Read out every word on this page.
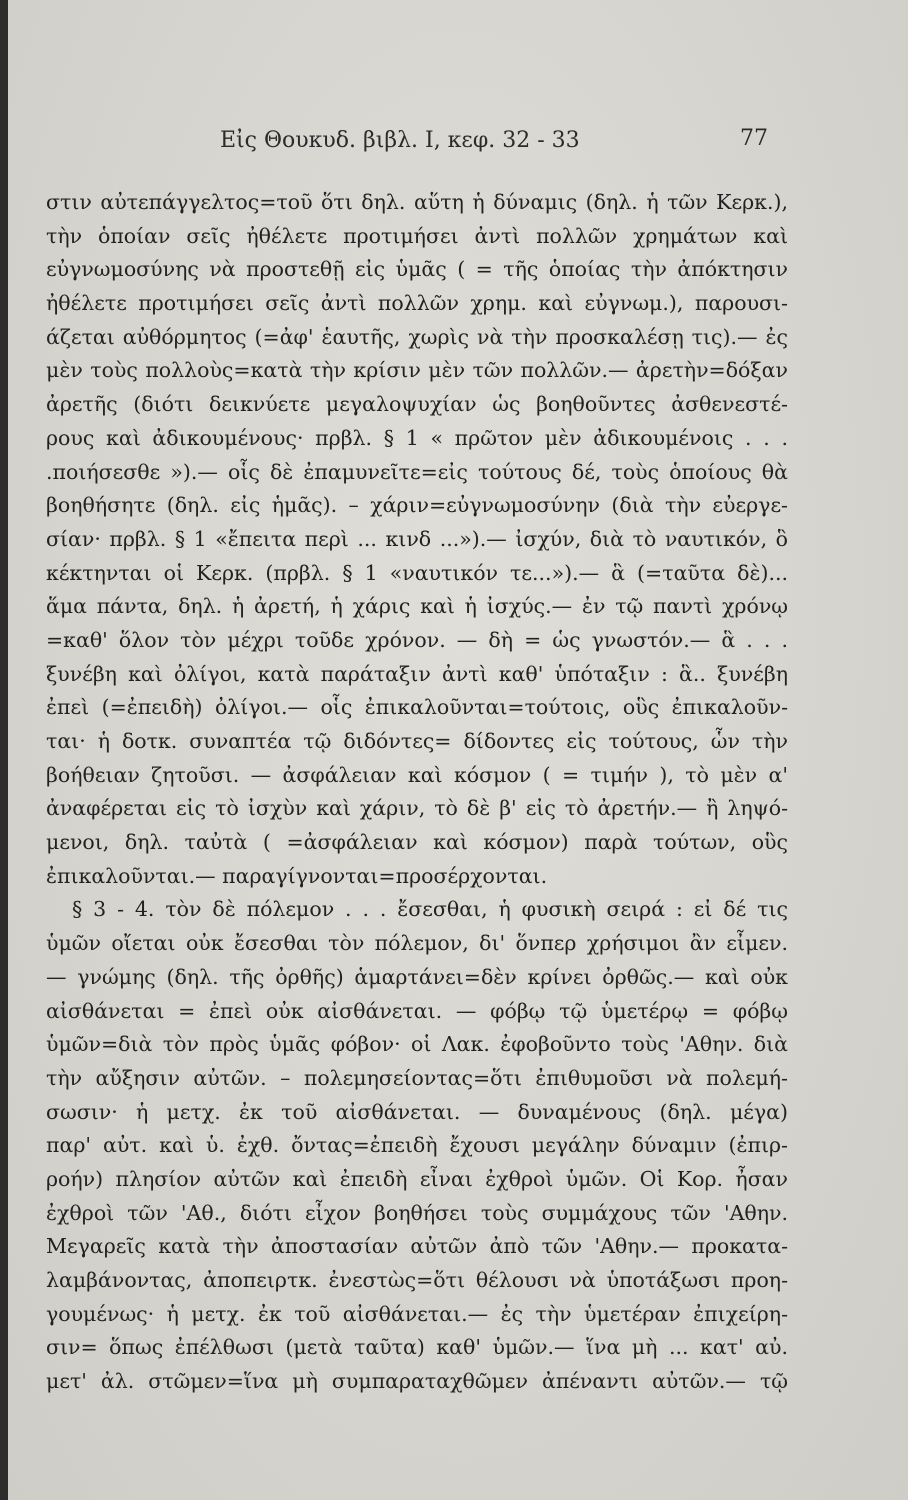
Εἰς Θουκυδ. βιβλ. Ι, κεφ. 32 - 33	77
στιν αὐτεπάγγελτος=τοῦ ὅτι δηλ. αὕτη ἡ δύναμις (δηλ. ἡ τῶν Κερκ.),
τὴν ὁποίαν σεῖς ἠθέλετε προτιμήσει ἀντὶ πολλῶν χρημάτων καὶ
εὐγνωμοσύνης νὰ προστεθῇ εἰς ὑμᾶς ( = τῆς ὁποίας τὴν ἀπόκτησιν
ἠθέλετε προτιμήσει σεῖς ἀντὶ πολλῶν χρημ. καὶ εὐγνωμ.), παρουσι-
άζεται αὐθόρμητος (=ἀφ' ἑαυτῆς, χωρὶς νὰ τὴν προσκαλέσῃ τις).— ἐς
μὲν τοὺς πολλοὺς=κατὰ τὴν κρίσιν μὲν τῶν πολλῶν.— ἀρετὴν=δόξαν
ἀρετῆς (διότι δεικνύετε μεγαλοψυχίαν ὡς βοηθοῦντες ἀσθενεστέ-
ρους καὶ ἀδικουμένους· πρβλ. § 1 « πρῶτον μὲν ἀδικουμένοις . . .
.ποιήσεσθε »).— οἷς δὲ ἐπαμυνεῖτε=εἰς τούτους δέ, τοὺς ὁποίους θὰ
βοηθήσητε (δηλ. εἰς ἡμᾶς). – χάριν=εὐγνωμοσύνην (διὰ τὴν εὐεργε-
σίαν· πρβλ. § 1 «ἔπειτα περὶ ... κινδ ...»).— ἰσχύν, διὰ τὸ ναυτικόν, ὃ
κέκτηνται οἱ Κερκ. (πρβλ. § 1 «ναυτικόν τε...»).— ἃ (=ταῦτα δὲ)...
ἅμα πάντα, δηλ. ἡ ἀρετή, ἡ χάρις καὶ ἡ ἰσχύς.— ἐν τῷ παντὶ χρόνῳ
=καθ' ὅλον τὸν μέχρι τοῦδε χρόνον. — δὴ = ὡς γνωστόν.— ἃ . . .
ξυνέβη καὶ ὀλίγοι, κατὰ παράταξιν ἀντὶ καθ' ὑπόταξιν : ἃ.. ξυνέβη
ἐπεὶ (=ἐπειδὴ) ὀλίγοι.— οἷς ἐπικαλοῦνται=τούτοις, οὓς ἐπικαλοῦν-
ται· ἡ δοτκ. συναπτέα τῷ διδόντες= δίδοντες εἰς τούτους, ὧν τὴν
βοήθειαν ζητοῦσι. — ἀσφάλειαν καὶ κόσμον ( = τιμήν ), τὸ μὲν α'
ἀναφέρεται εἰς τὸ ἰσχὺν καὶ χάριν, τὸ δὲ β' εἰς τὸ ἀρετήν.— ἢ ληψό-
μενοι, δηλ. ταὐτὰ ( =ἀσφάλειαν καὶ κόσμον) παρὰ τούτων, οὓς
ἐπικαλοῦνται.— παραγίγνονται=προσέρχονται.
§ 3 - 4. τὸν δὲ πόλεμον . . . ἔσεσθαι, ἡ φυσικὴ σειρά : εἰ δέ τις
ὑμῶν οἴεται οὐκ ἔσεσθαι τὸν πόλεμον, δι' ὅνπερ χρήσιμοι ἂν εἶμεν.
— γνώμης (δηλ. τῆς ὀρθῆς) ἁμαρτάνει=δὲν κρίνει ὀρθῶς.— καὶ οὐκ
αἰσθάνεται = ἐπεὶ οὐκ αἰσθάνεται. — φόβῳ τῷ ὑμετέρῳ = φόβῳ
ὑμῶν=διὰ τὸν πρὸς ὑμᾶς φόβον· οἱ Λακ. ἐφοβοῦντο τοὺς 'Αθην. διὰ
τὴν αὔξησιν αὐτῶν. – πολεμησείοντας=ὅτι ἐπιθυμοῦσι νὰ πολεμή-
σωσιν· ἡ μετχ. ἐκ τοῦ αἰσθάνεται. — δυναμένους (δηλ. μέγα)
παρ' αὐτ. καὶ ὑ. ἐχθ. ὄντας=ἐπειδὴ ἔχουσι μεγάλην δύναμιν (ἐπιρ-
ροήν) πλησίον αὐτῶν καὶ ἐπειδὴ εἶναι ἐχθροὶ ὑμῶν. Οἱ Κορ. ἦσαν
ἐχθροὶ τῶν 'Αθ., διότι εἶχον βοηθήσει τοὺς συμμάχους τῶν 'Αθην.
Μεγαρεῖς κατὰ τὴν ἀποστασίαν αὐτῶν ἀπὸ τῶν 'Αθην.— προκατα-
λαμβάνοντας, ἀποπειρτκ. ἐνεστὼς=ὅτι θέλουσι νὰ ὑποτάξωσι προη-
γουμένως· ἡ μετχ. ἐκ τοῦ αἰσθάνεται.— ἐς τὴν ὑμετέραν ἐπιχείρη-
σιν= ὅπως ἐπέλθωσι (μετὰ ταῦτα) καθ' ὑμῶν.— ἵνα μὴ ... κατ' αὐ.
μετ' ἀλ. στῶμεν=ἵνα μὴ συμπαραταχθῶμεν ἀπέναντι αὐτῶν.— τῷ
